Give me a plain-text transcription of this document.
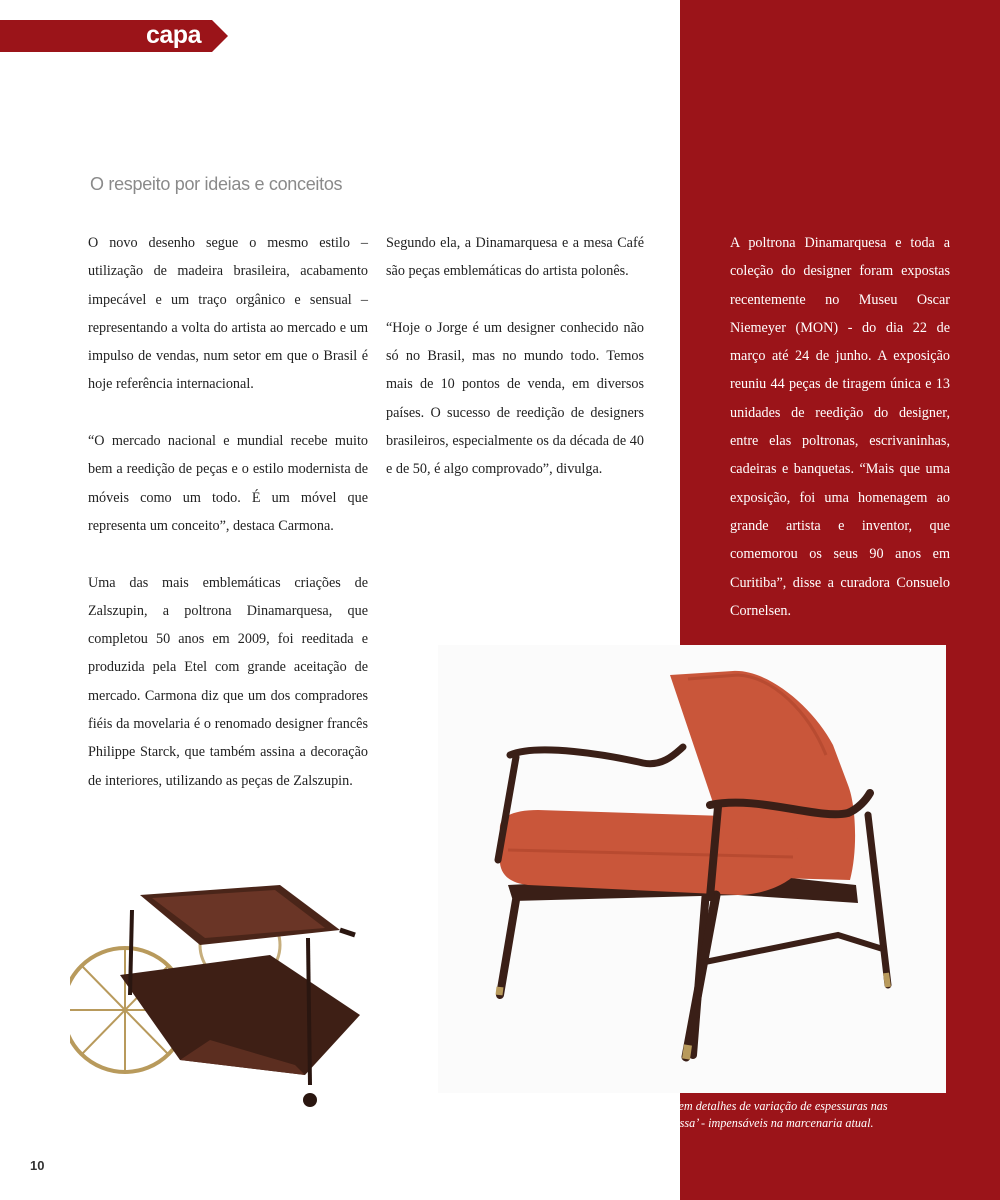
capa
O respeito por ideias e conceitos

O novo desenho segue o mesmo estilo – utilização de madeira brasileira, acabamento impecável e um traço orgânico e sensual – representando a volta do artista ao mercado e um impulso de vendas, num setor em que o Brasil é hoje referência internacional.

“O mercado nacional e mundial recebe muito bem a reedição de peças e o estilo modernista de móveis como um todo. É um móvel que representa um conceito”, destaca Carmona.

Uma das mais emblemáticas criações de Zalszupin, a poltrona Dinamarquesa, que completou 50 anos em 2009, foi reeditada e produzida pela Etel com grande aceitação de mercado. Carmona diz que um dos compradores fiéis da movelaria é o renomado designer francês Philippe Starck, que também assina a decoração de interiores, utilizando as peças de Zalszupin.

Segundo ela, a Dinamarquesa e a mesa Café são peças emblemáticas do artista polonês.

“Hoje o Jorge é um designer conhecido não só no Brasil, mas no mundo todo. Temos mais de 10 pontos de venda, em diversos países. O sucesso de reedição de designers brasileiros, especialmente os da década de 40 e de 50, é algo comprovado”, divulga.

A poltrona Dinamarquesa e toda a coleção do designer foram expostas recentemente no Museu Oscar Niemeyer (MON) - do dia 22 de março até 24 de junho. A exposição reuniu 44 peças de tiragem única e 13 unidades de reedição do designer, entre elas poltronas, escrivaninhas, cadeiras e banquetas. “Mais que uma exposição, foi uma homenagem ao grande artista e inventor, que comemorou os seus 90 anos em Curitiba”, disse a curadora Consuelo Cornelsen.

Poltrona Dinamarquesa, um ícone. Tem detalhes de variação de espessuras nas
travessas, que trazem beleza e ‘bossa’ - impensáveis na marcenaria atual.
10
